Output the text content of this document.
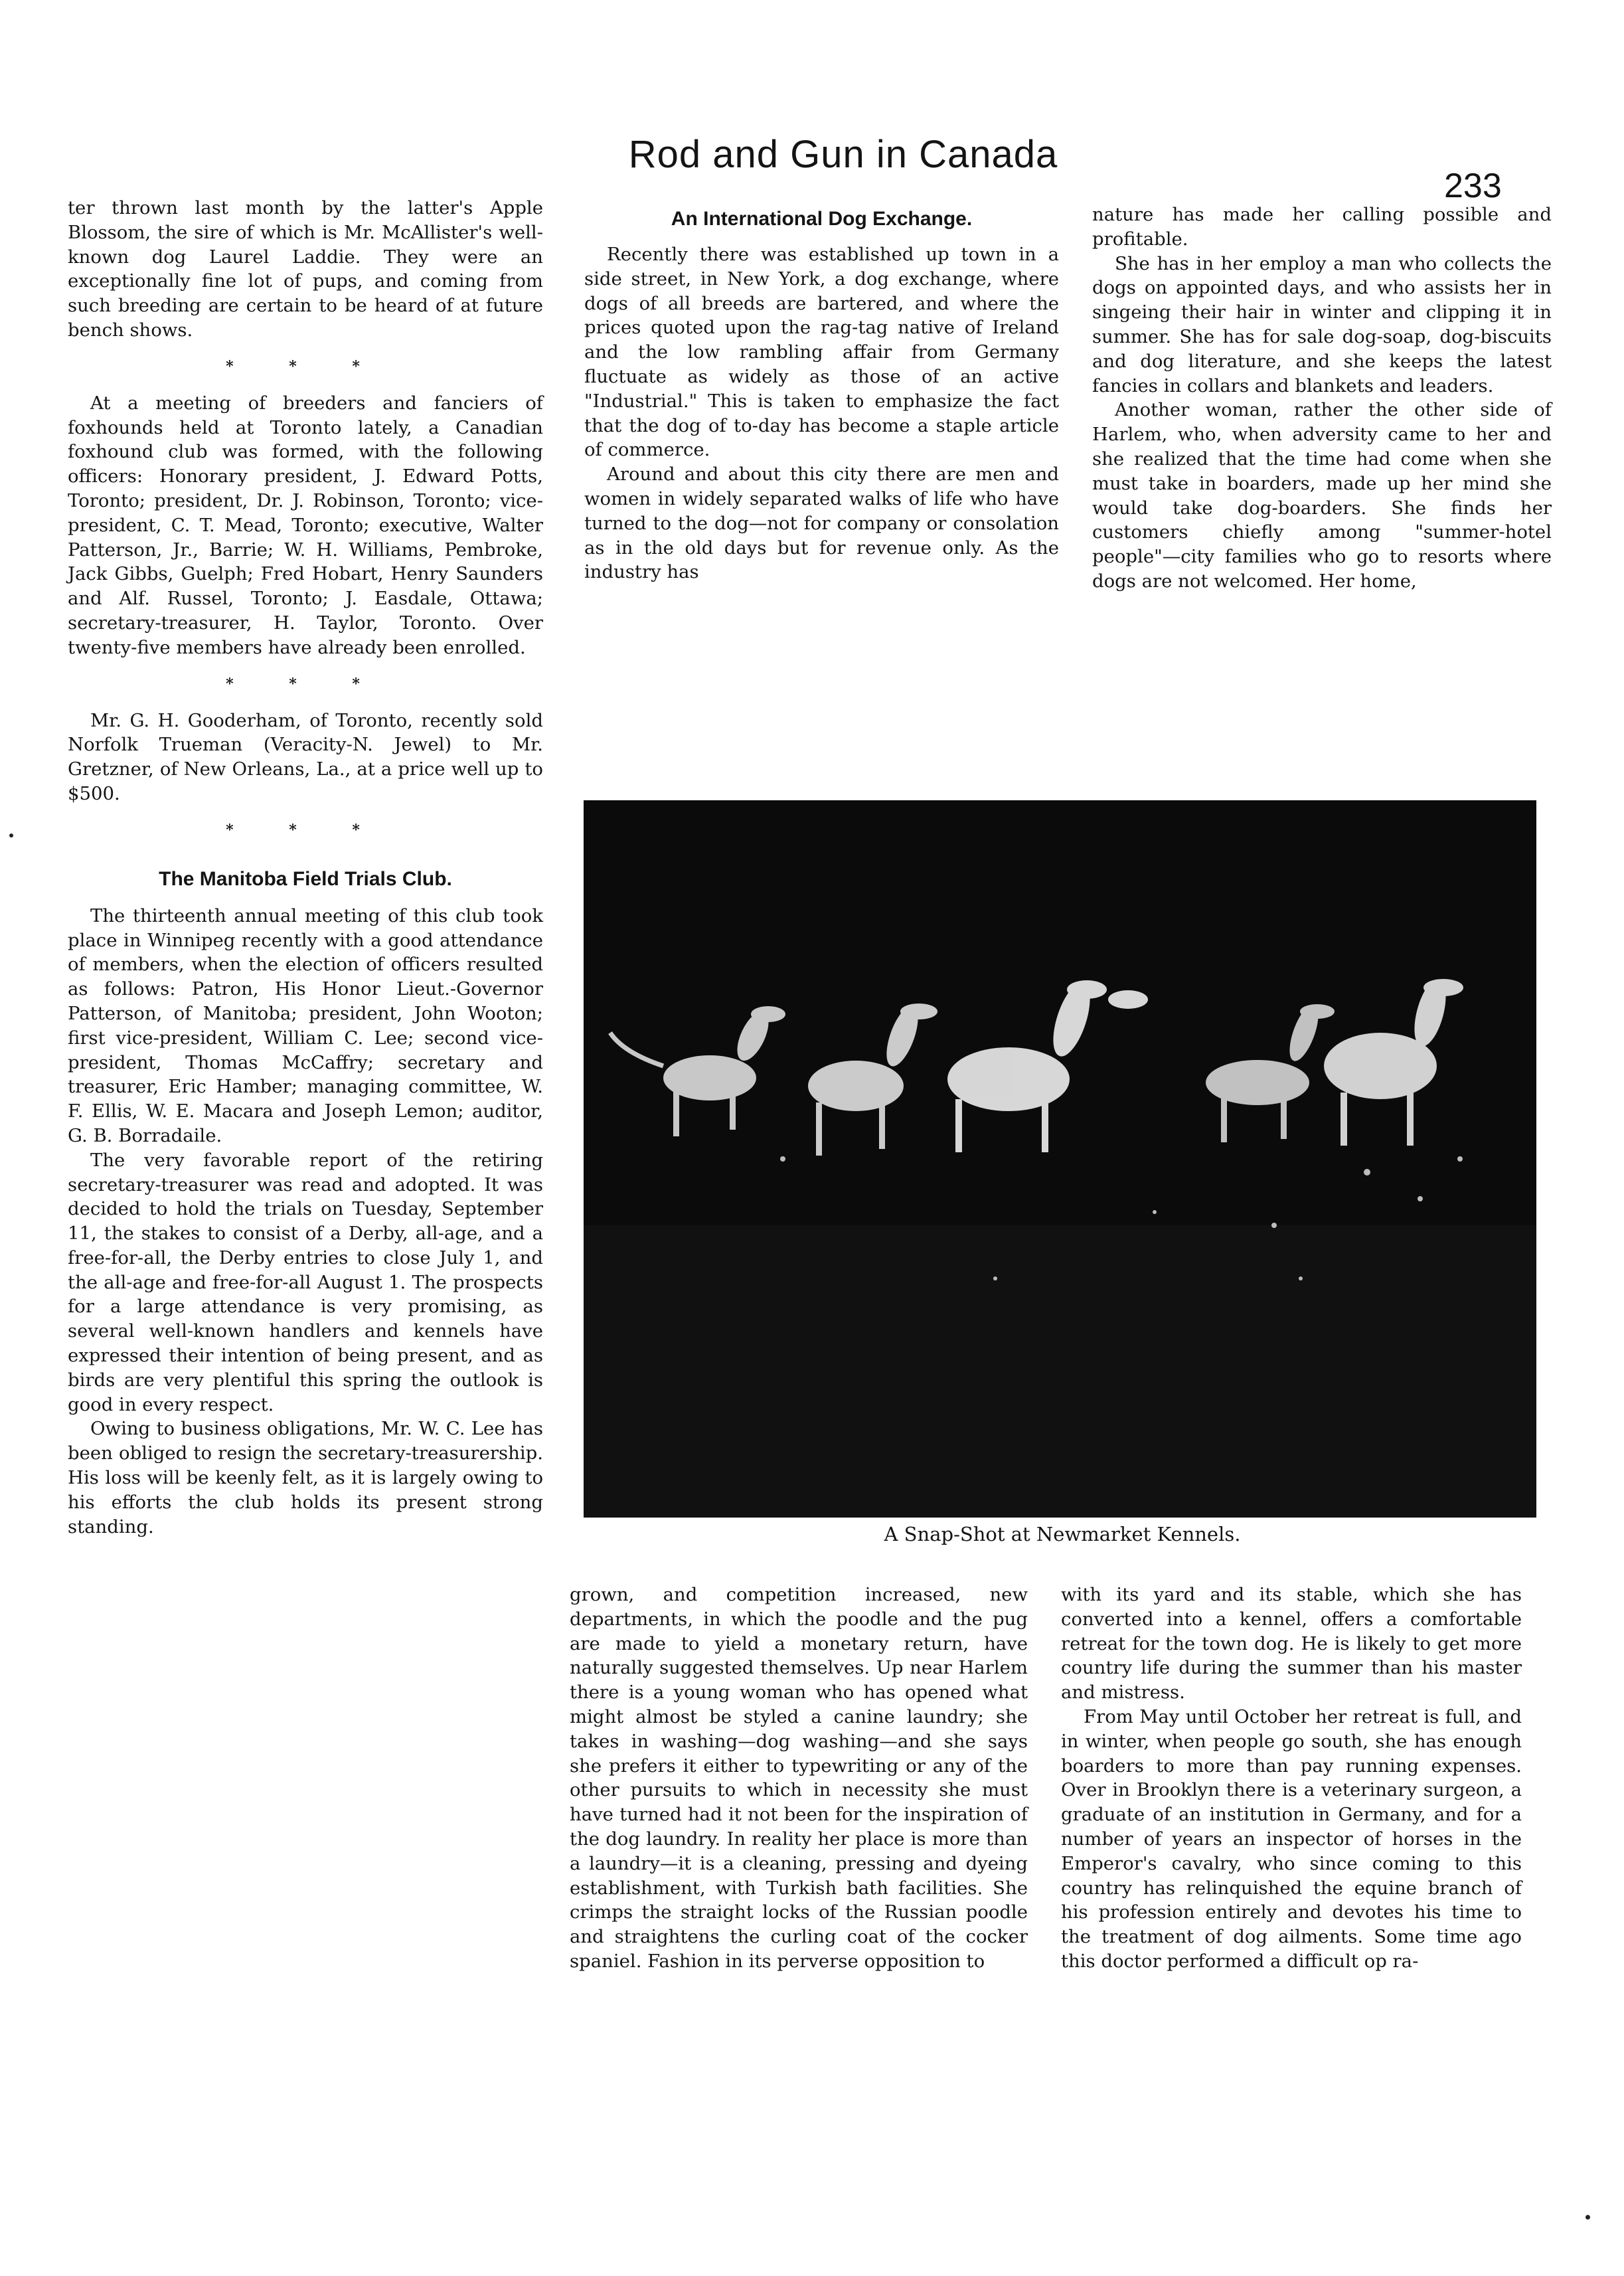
Rod and Gun in Canada
233

ter thrown last month by the latter's Apple Blossom, the sire of which is Mr. McAllister's well-known dog Laurel Laddie. They were an exceptionally fine lot of pups, and coming from such breeding are certain to be heard of at future bench shows.

* * *

At a meeting of breeders and fanciers of foxhounds held at Toronto lately, a Canadian foxhound club was formed, with the following officers: Honorary president, J. Edward Potts, Toronto; president, Dr. J. Robinson, Toronto; vice-president, C. T. Mead, Toronto; executive, Walter Patterson, Jr., Barrie; W. H. Williams, Pembroke, Jack Gibbs, Guelph; Fred Hobart, Henry Saunders and Alf. Russel, Toronto; J. Easdale, Ottawa; secretary-treasurer, H. Taylor, Toronto. Over twenty-five members have already been enrolled.

* * *

Mr. G. H. Gooderham, of Toronto, recently sold Norfolk Trueman (Veracity-N. Jewel) to Mr. Gretzner, of New Orleans, La., at a price well up to $500.

* * *
The Manitoba Field Trials Club.

The thirteenth annual meeting of this club took place in Winnipeg recently with a good attendance of members, when the election of officers resulted as follows: Patron, His Honor Lieut.-Governor Patterson, of Manitoba; president, John Wooton; first vice-president, William C. Lee; second vice-president, Thomas McCaffry; secretary and treasurer, Eric Hamber; managing committee, W. F. Ellis, W. E. Macara and Joseph Lemon; auditor, G. B. Borradaile.

The very favorable report of the retiring secretary-treasurer was read and adopted. It was decided to hold the trials on Tuesday, September 11, the stakes to consist of a Derby, all-age, and a free-for-all, the Derby entries to close July 1, and the all-age and free-for-all August 1. The prospects for a large attendance is very promising, as several well-known handlers and kennels have expressed their intention of being present, and as birds are very plentiful this spring the outlook is good in every respect.

Owing to business obligations, Mr. W. C. Lee has been obliged to resign the secretary-treasurership. His loss will be keenly felt, as it is largely owing to his efforts the club holds its present strong standing.

An International Dog Exchange.

Recently there was established up town in a side street, in New York, a dog exchange, where dogs of all breeds are bartered, and where the prices quoted upon the rag-tag native of Ireland and the low rambling affair from Germany fluctuate as widely as those of an active "Industrial." This is taken to emphasize the fact that the dog of to-day has become a staple article of commerce.

Around and about this city there are men and women in widely separated walks of life who have turned to the dog—not for company or consolation as in the old days but for revenue only. As the industry has

nature has made her calling possible and profitable.

She has in her employ a man who collects the dogs on appointed days, and who assists her in singeing their hair in winter and clipping it in summer. She has for sale dog-soap, dog-biscuits and dog literature, and she keeps the latest fancies in collars and blankets and leaders.

Another woman, rather the other side of Harlem, who, when adversity came to her and she realized that the time had come when she must take in boarders, made up her mind she would take dog-boarders. She finds her customers chiefly among "summer-hotel people"—city families who go to resorts where dogs are not welcomed. Her home,

A Snap-Shot at Newmarket Kennels.

grown, and competition increased, new departments, in which the poodle and the pug are made to yield a monetary return, have naturally suggested themselves. Up near Harlem there is a young woman who has opened what might almost be styled a canine laundry; she takes in washing—dog washing—and she says she prefers it either to typewriting or any of the other pursuits to which in necessity she must have turned had it not been for the inspiration of the dog laundry. In reality her place is more than a laundry—it is a cleaning, pressing and dyeing establishment, with Turkish bath facilities. She crimps the straight locks of the Russian poodle and straightens the curling coat of the cocker spaniel. Fashion in its perverse opposition to

with its yard and its stable, which she has converted into a kennel, offers a comfortable retreat for the town dog. He is likely to get more country life during the summer than his master and mistress.

From May until October her retreat is full, and in winter, when people go south, she has enough boarders to more than pay running expenses. Over in Brooklyn there is a veterinary surgeon, a graduate of an institution in Germany, and for a number of years an inspector of horses in the Emperor's cavalry, who since coming to this country has relinquished the equine branch of his profession entirely and devotes his time to the treatment of dog ailments. Some time ago this doctor performed a difficult op ra-
